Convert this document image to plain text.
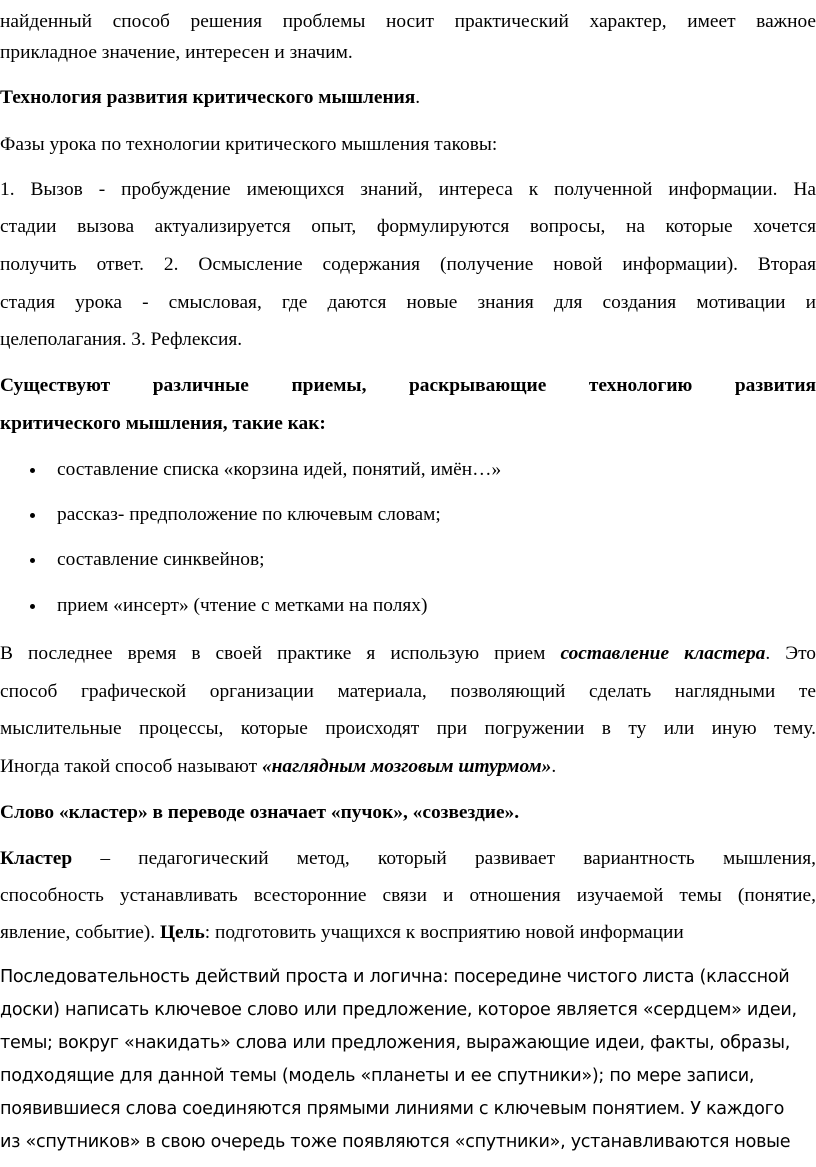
найденный способ решения проблемы носит практический характер, имеет важное
прикладное значение, интересен и значим.
Технология развития критического мышления.
Фазы урока по технологии критического мышления таковы:
1. Вызов - пробуждение имеющихся знаний, интереса к полученной информации. На
стадии вызова актуализируется опыт, формулируются вопросы, на которые хочется
получить ответ. 2. Осмысление содержания (получение новой информации). Вторая
стадия урока - смысловая, где даются новые знания для создания мотивации и
целеполагания. 3. Рефлексия.
Существуют различные приемы, раскрывающие технологию развития
критического мышления, такие как:
составление списка «корзина идей, понятий, имён…»
рассказ- предположение по ключевым словам;
составление синквейнов;
прием «инсерт» (чтение с метками на полях)
В последнее время в своей практике я использую прием составление кластера. Это
способ графической организации материала, позволяющий сделать наглядными те
мыслительные процессы, которые происходят при погружении в ту или иную тему.
Иногда такой способ называют «наглядным мозговым штурмом».
Слово «кластер» в переводе означает «пучок», «созвездие».
Кластер – педагогический метод, который развивает вариантность мышления,
способность устанавливать всесторонние связи и отношения изучаемой темы (понятие,
явление, событие). Цель: подготовить учащихся к восприятию новой информации
Последовательность действий проста и логична: посередине чистого листа (классной
доски) написать ключевое слово или предложение, которое является «сердцем» идеи,
темы; вокруг «накидать» слова или предложения, выражающие идеи, факты, образы,
подходящие для данной темы (модель «планеты и ее спутники»); по мере записи,
появившиеся слова соединяются прямыми линиями с ключевым понятием. У каждого
из «спутников» в свою очередь тоже появляются «спутники», устанавливаются новые
